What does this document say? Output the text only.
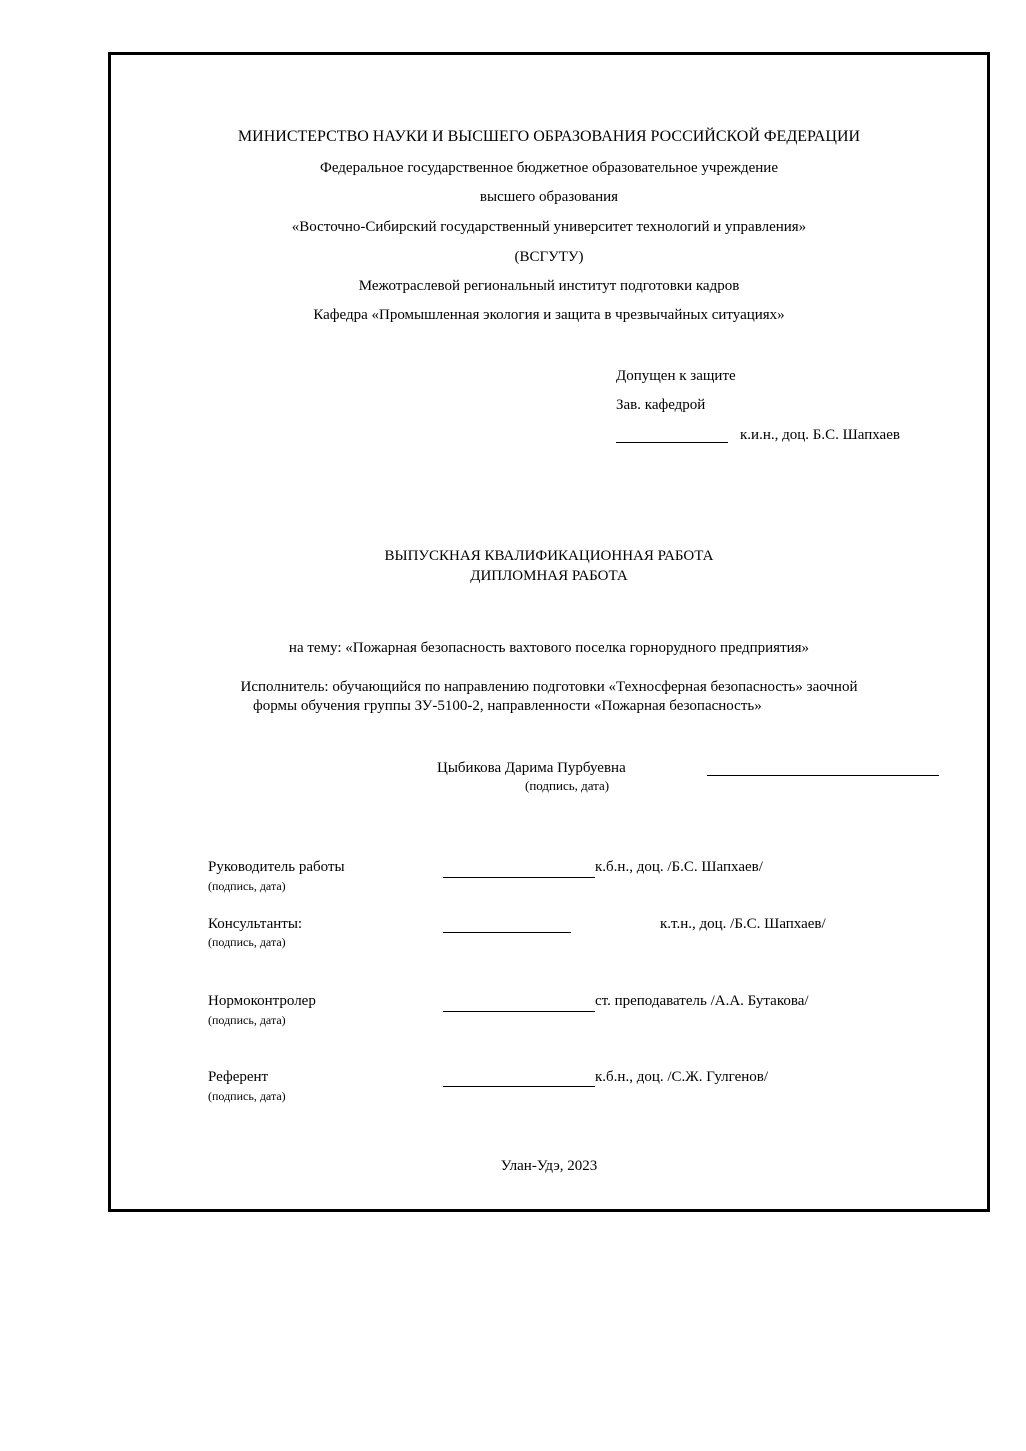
МИНИСТЕРСТВО НАУКИ И ВЫСШЕГО ОБРАЗОВАНИЯ РОССИЙСКОЙ ФЕДЕРАЦИИ
Федеральное государственное бюджетное образовательное учреждение
высшего образования
«Восточно-Сибирский государственный университет технологий и управления»
(ВСГУТУ)
Межотраслевой региональный институт подготовки кадров
Кафедра «Промышленная экология и защита в чрезвычайных ситуациях»
Допущен к защите
Зав. кафедрой
к.и.н., доц. Б.С. Шапхаев
ВЫПУСКНАЯ КВАЛИФИКАЦИОННАЯ РАБОТА
ДИПЛОМНАЯ РАБОТА
на тему: «Пожарная безопасность вахтового поселка горнорудного предприятия»
Исполнитель: обучающийся по направлению подготовки «Техносферная безопасность» заочной
формы обучения группы ЗУ-5100-2, направленности «Пожарная безопасность»
Цыбикова Дарима Пурбуевна
(подпись, дата)
Руководитель работы
(подпись, дата)
к.б.н., доц. /Б.С. Шапхаев/
Консультанты:
(подпись, дата)
к.т.н., доц. /Б.С. Шапхаев/
Нормоконтролер
(подпись, дата)
ст. преподаватель /А.А. Бутакова/
Референт
(подпись, дата)
к.б.н., доц. /С.Ж. Гулгенов/
Улан-Удэ, 2023
